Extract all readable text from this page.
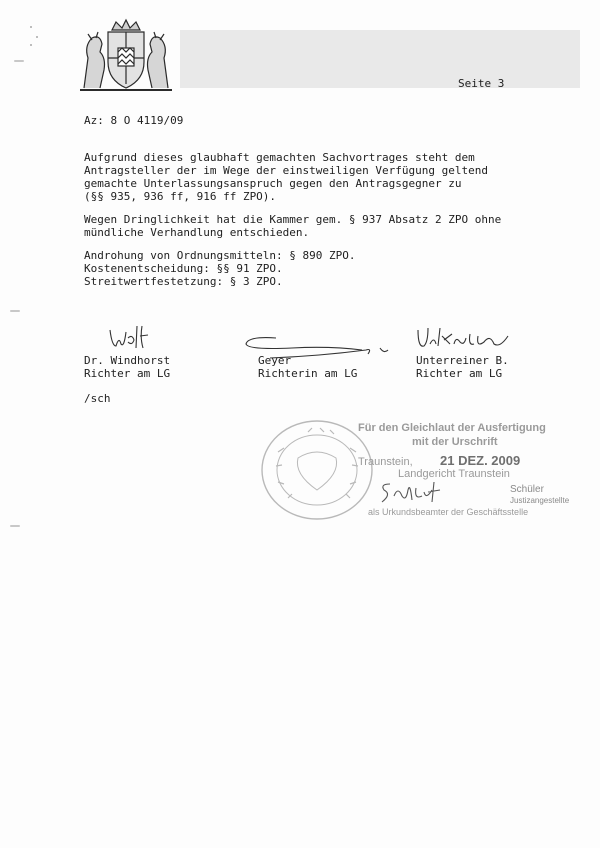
Seite 3
Az: 8 O 4119/09
Aufgrund dieses glaubhaft gemachten Sachvortrages steht dem
Antragsteller der im Wege der einstweiligen Verfügung geltend
gemachte Unterlassungsanspruch gegen den Antragsgegner zu
(§§ 935, 936 ff, 916 ff ZPO).
Wegen Dringlichkeit hat die Kammer gem. § 937 Absatz 2 ZPO ohne
mündliche Verhandlung entschieden.
Androhung von Ordnungsmitteln: § 890 ZPO.
Kostenentscheidung: §§ 91 ZPO.
Streitwertfestetzung: § 3 ZPO.
Dr. Windhorst
Richter am LG
Geyer
Richterin am LG
Unterreiner B.
Richter am LG
/sch
Für den Gleichlaut der Ausfertigung
mit der Urschrift
Traunstein, 21 DEZ. 2009
Landgericht Traunstein
Schüler
Justizangestellte
als Urkundsbeamter der Geschäftsstelle
